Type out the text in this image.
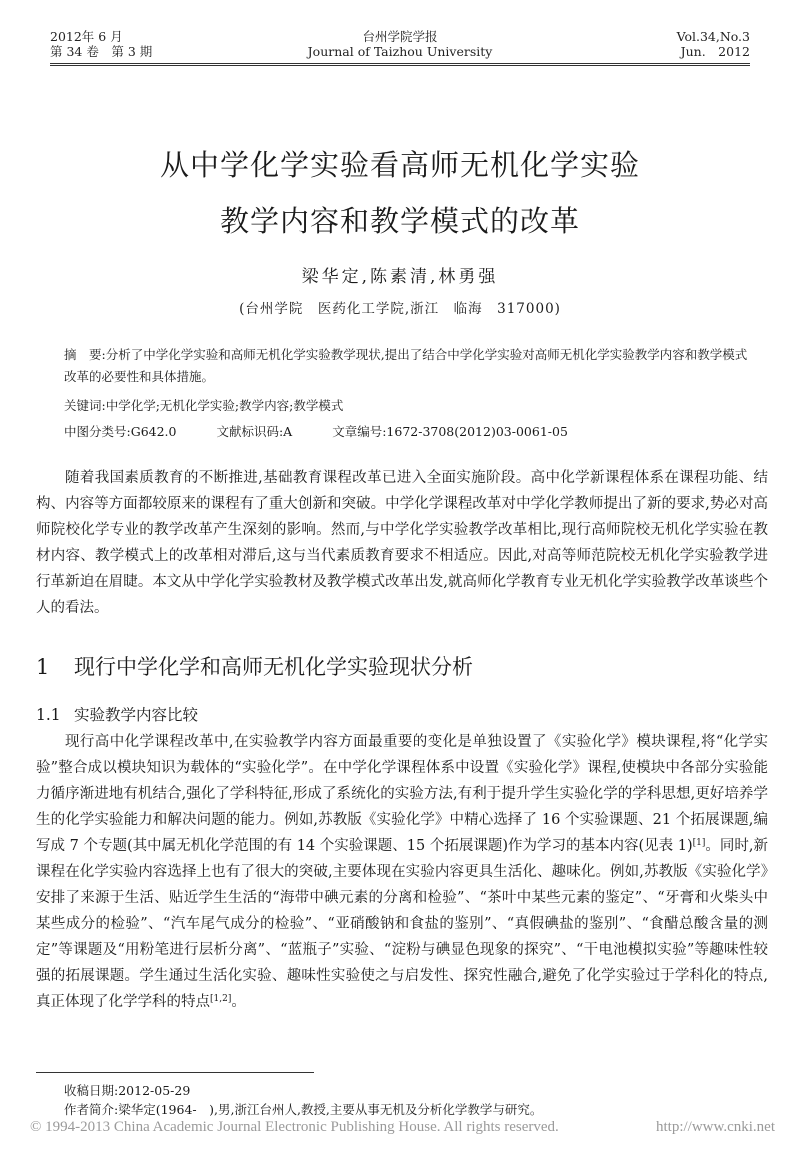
2012年 6 月
第 34 卷　第 3 期
台州学院学报
Journal of Taizhou University
Vol.34,No.3
Jun.　2012
从中学化学实验看高师无机化学实验
教学内容和教学模式的改革
梁华定,陈素清,林勇强
(台州学院　医药化工学院,浙江　临海　317000)
摘　要:分析了中学化学实验和高师无机化学实验教学现状,提出了结合中学化学实验对高师无机化学实验教学内容和教学模式改革的必要性和具体措施。
关键词:中学化学;无机化学实验;教学内容;教学模式
中图分类号:G642.0	文献标识码:A	文章编号:1672-3708(2012)03-0061-05
随着我国素质教育的不断推进,基础教育课程改革已进入全面实施阶段。高中化学新课程体系在课程功能、结构、内容等方面都较原来的课程有了重大创新和突破。中学化学课程改革对中学化学教师提出了新的要求,势必对高师院校化学专业的教学改革产生深刻的影响。然而,与中学化学实验教学改革相比,现行高师院校无机化学实验在教材内容、教学模式上的改革相对滞后,这与当代素质教育要求不相适应。因此,对高等师范院校无机化学实验教学进行革新迫在眉睫。本文从中学化学实验教材及教学模式改革出发,就高师化学教育专业无机化学实验教学改革谈些个人的看法。
1 现行中学化学和高师无机化学实验现状分析
1.1 实验教学内容比较
现行高中化学课程改革中,在实验教学内容方面最重要的变化是单独设置了《实验化学》模块课程,将“化学实验”整合成以模块知识为载体的“实验化学”。在中学化学课程体系中设置《实验化学》课程,使模块中各部分实验能力循序渐进地有机结合,强化了学科特征,形成了系统化的实验方法,有利于提升学生实验化学的学科思想,更好培养学生的化学实验能力和解决问题的能力。例如,苏教版《实验化学》中精心选择了 16 个实验课题、21 个拓展课题,编写成 7 个专题(其中属无机化学范围的有 14 个实验课题、15 个拓展课题)作为学习的基本内容(见表 1)[1]。同时,新课程在化学实验内容选择上也有了很大的突破,主要体现在实验内容更具生活化、趣味化。例如,苏教版《实验化学》安排了来源于生活、贴近学生生活的“海带中碘元素的分离和检验”、“茶叶中某些元素的鉴定”、“牙膏和火柴头中某些成分的检验”、“汽车尾气成分的检验”、“亚硝酸钠和食盐的鉴别”、“真假碘盐的鉴别”、“食醋总酸含量的测定”等课题及“用粉笔进行层析分离”、“蓝瓶子”实验、“淀粉与碘显色现象的探究”、“干电池模拟实验”等趣味性较强的拓展课题。学生通过生活化实验、趣味性实验使之与启发性、探究性融合,避免了化学实验过于学科化的特点,真正体现了化学学科的特点[1,2]。
收稿日期:2012-05-29
作者简介:梁华定(1964-　),男,浙江台州人,教授,主要从事无机及分析化学教学与研究。
© 1994-2013 China Academic Journal Electronic Publishing House. All rights reserved.	http://www.cnki.net
